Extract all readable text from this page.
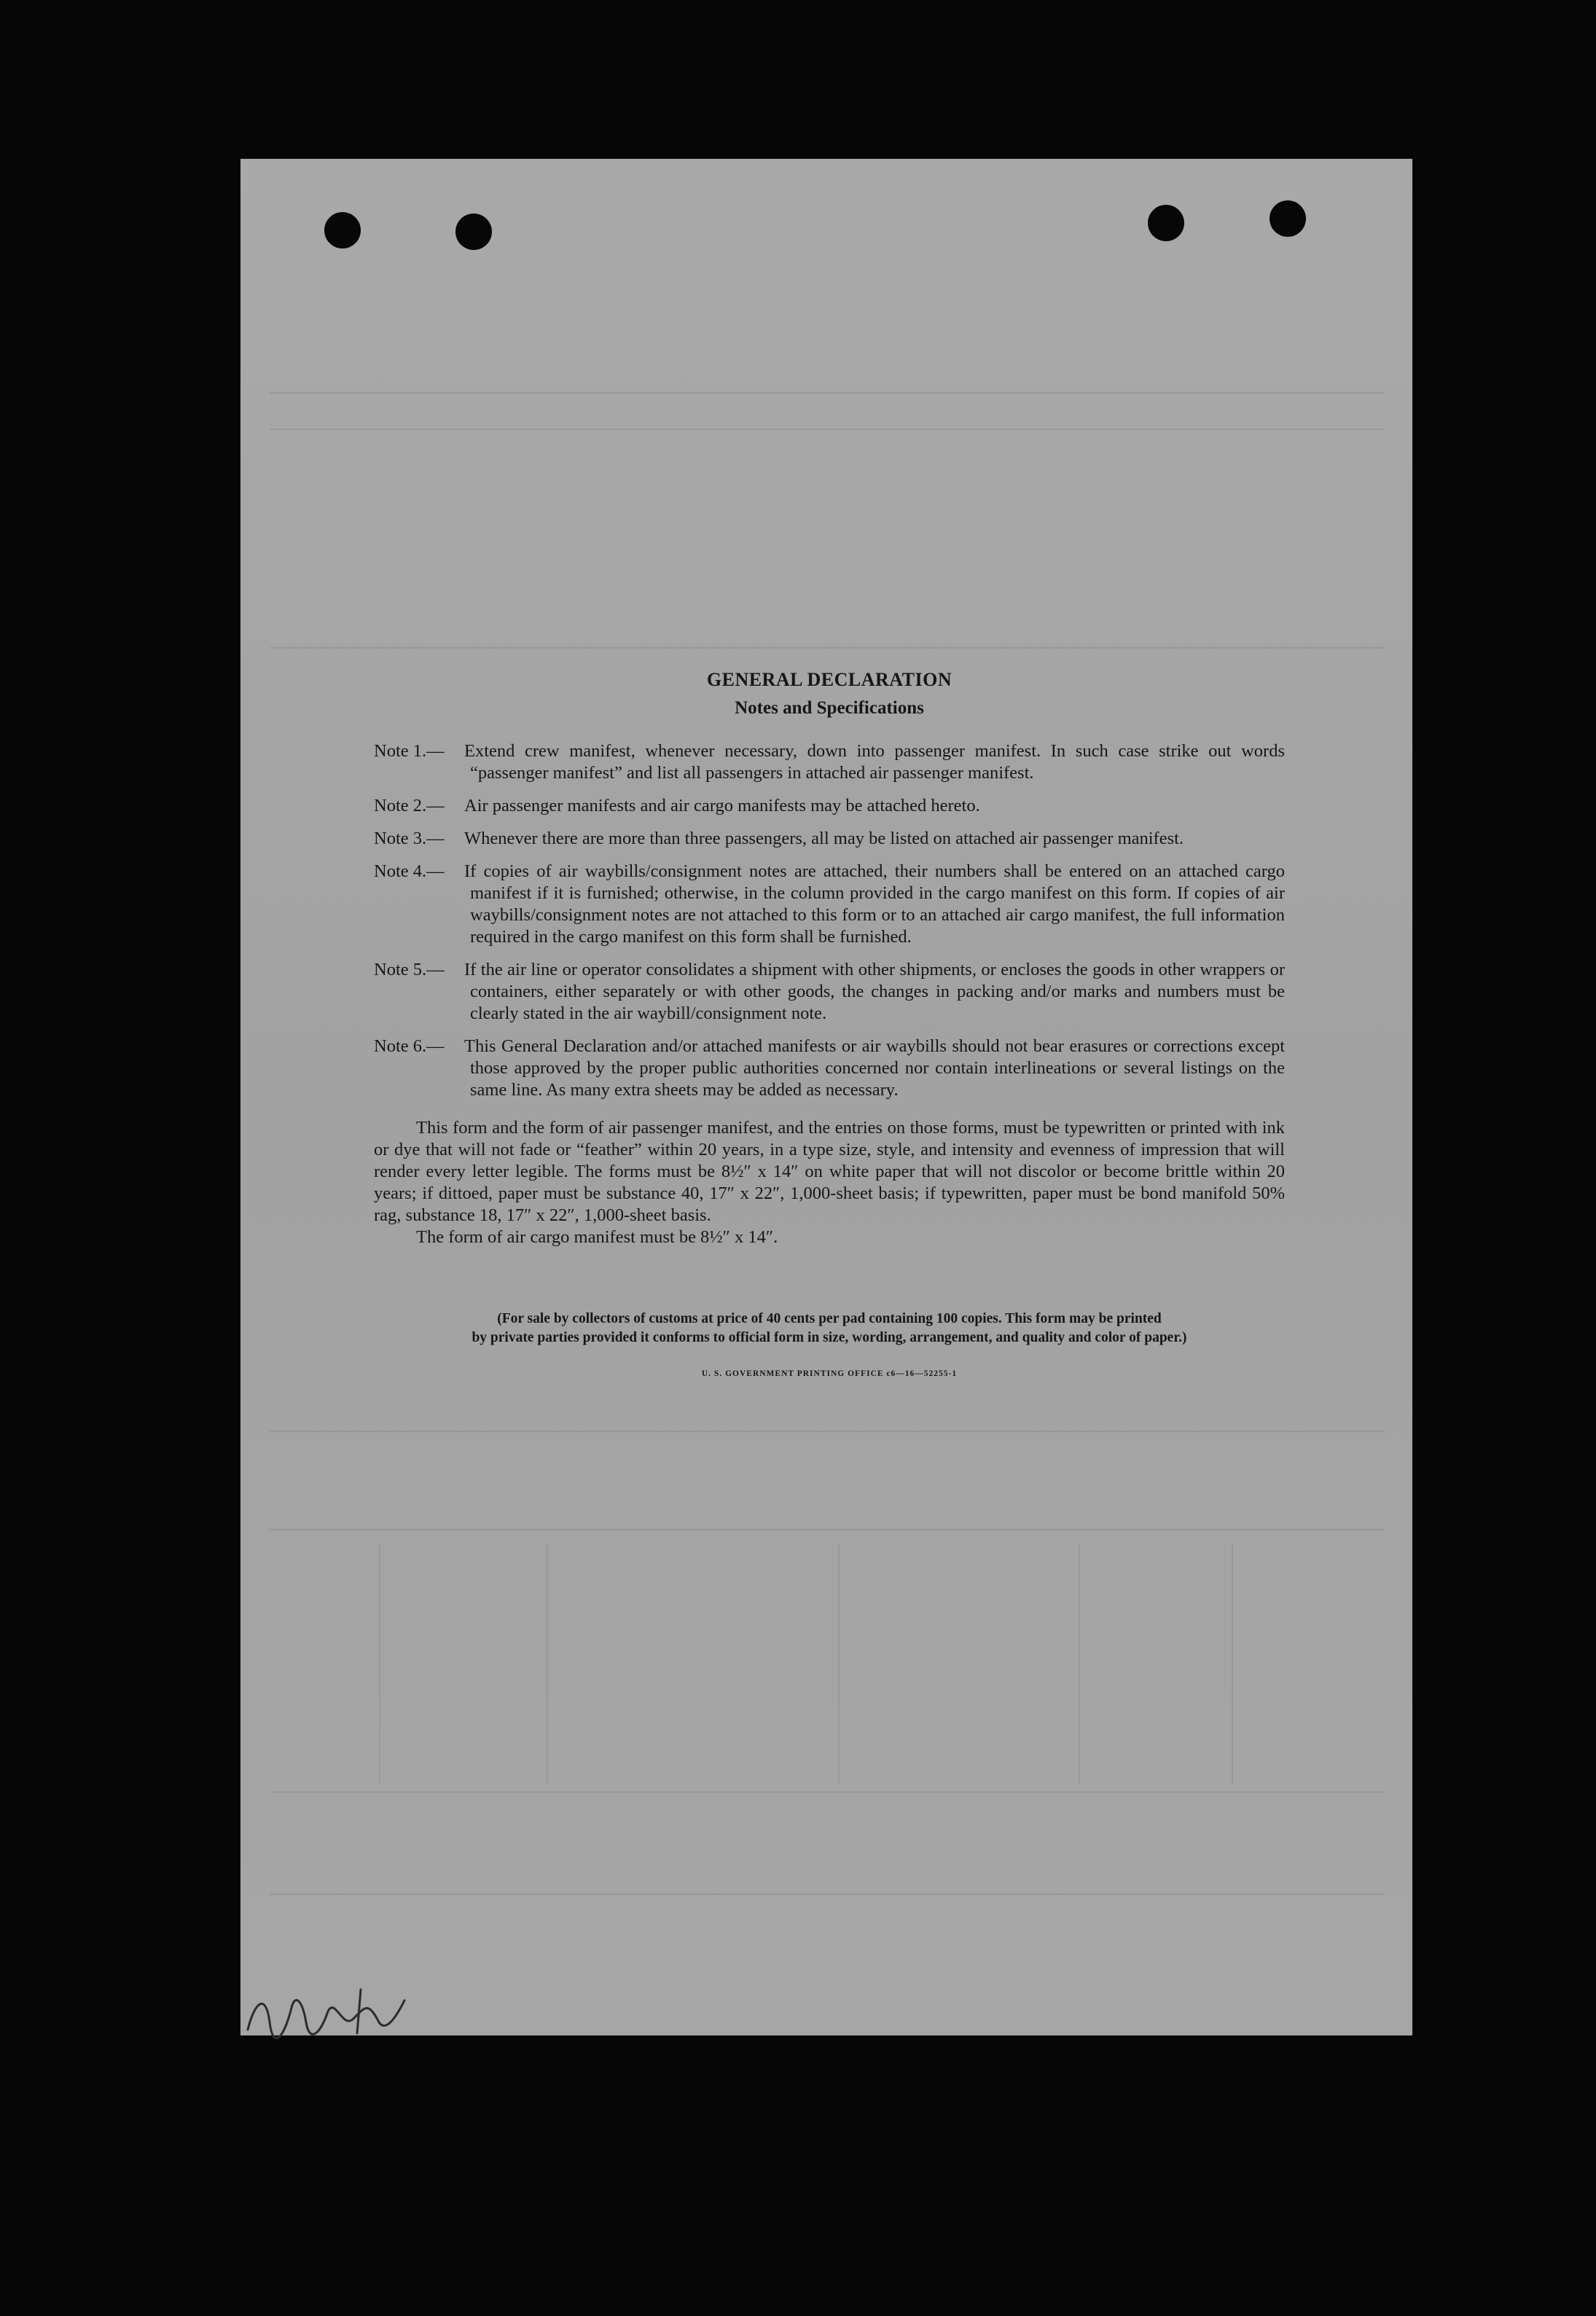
GENERAL DECLARATION
Notes and Specifications
Note 1.—	Extend crew manifest, whenever necessary, down into passenger manifest. In such case strike out words “passenger manifest” and list all passengers in attached air passenger manifest.
Note 2.—	Air passenger manifests and air cargo manifests may be attached hereto.
Note 3.—	Whenever there are more than three passengers, all may be listed on attached air passenger manifest.
Note 4.—	If copies of air waybills/consignment notes are attached, their numbers shall be entered on an attached cargo manifest if it is furnished; otherwise, in the column provided in the cargo manifest on this form. If copies of air waybills/consignment notes are not attached to this form or to an attached air cargo manifest, the full information required in the cargo manifest on this form shall be furnished.
Note 5.—	If the air line or operator consolidates a shipment with other shipments, or encloses the goods in other wrappers or containers, either separately or with other goods, the changes in packing and/or marks and numbers must be clearly stated in the air waybill/consignment note.
Note 6.—	This General Declaration and/or attached manifests or air waybills should not bear erasures or corrections except those approved by the proper public authorities concerned nor contain interlineations or several listings on the same line. As many extra sheets may be added as necessary.

This form and the form of air passenger manifest, and the entries on those forms, must be typewritten or printed with ink or dye that will not fade or “feather” within 20 years, in a type size, style, and intensity and evenness of impression that will render every letter legible. The forms must be 8½″ x 14″ on white paper that will not discolor or become brittle within 20 years; if dittoed, paper must be substance 40, 17″ x 22″, 1,000-sheet basis; if typewritten, paper must be bond manifold 50% rag, substance 18, 17″ x 22″, 1,000-sheet basis.

The form of air cargo manifest must be 8½″ x 14″.

(For sale by collectors of customs at price of 40 cents per pad containing 100 copies. This form may be printed
by private parties provided it conforms to official form in size, wording, arrangement, and quality and color of paper.)
U. S. GOVERNMENT PRINTING OFFICE c6—16—52255-1
